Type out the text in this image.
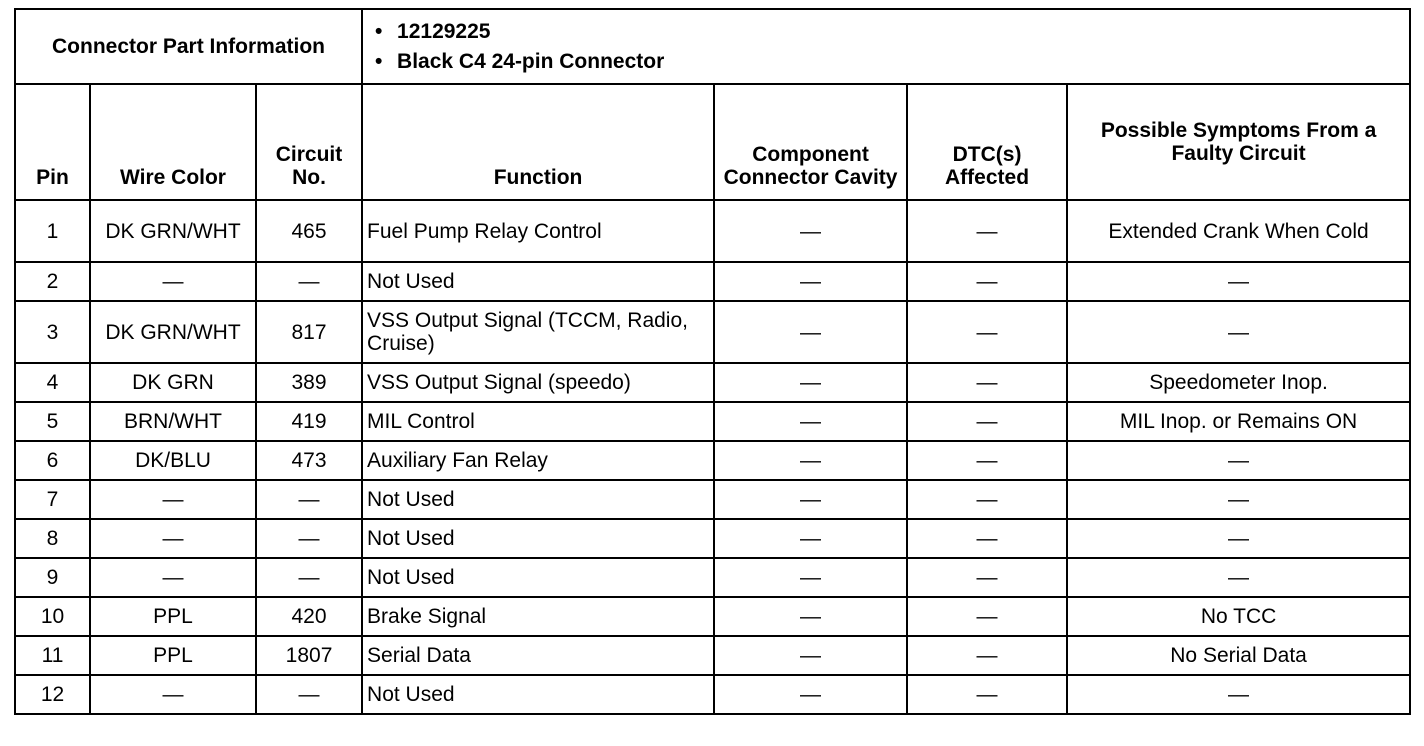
Connector Part Information			• 12129225
• Black C4 24-pin Connector			

Pin	Wire Color	Circuit No.	Function	Component Connector Cavity	DTC(s) Affected	Possible Symptoms From a Faulty Circuit
1	DK GRN/WHT	465	Fuel Pump Relay Control	—	—	Extended Crank When Cold
2	—	—	Not Used	—	—	—
3	DK GRN/WHT	817	VSS Output Signal (TCCM, Radio, Cruise)	—	—	—
4	DK GRN	389	VSS Output Signal (speedo)	—	—	Speedometer Inop.
5	BRN/WHT	419	MIL Control	—	—	MIL Inop. or Remains ON
6	DK/BLU	473	Auxiliary Fan Relay	—	—	—
7	—	—	Not Used	—	—	—
8	—	—	Not Used	—	—	—
9	—	—	Not Used	—	—	—
10	PPL	420	Brake Signal	—	—	No TCC
11	PPL	1807	Serial Data	—	—	No Serial Data
12	—	—	Not Used	—	—	—
